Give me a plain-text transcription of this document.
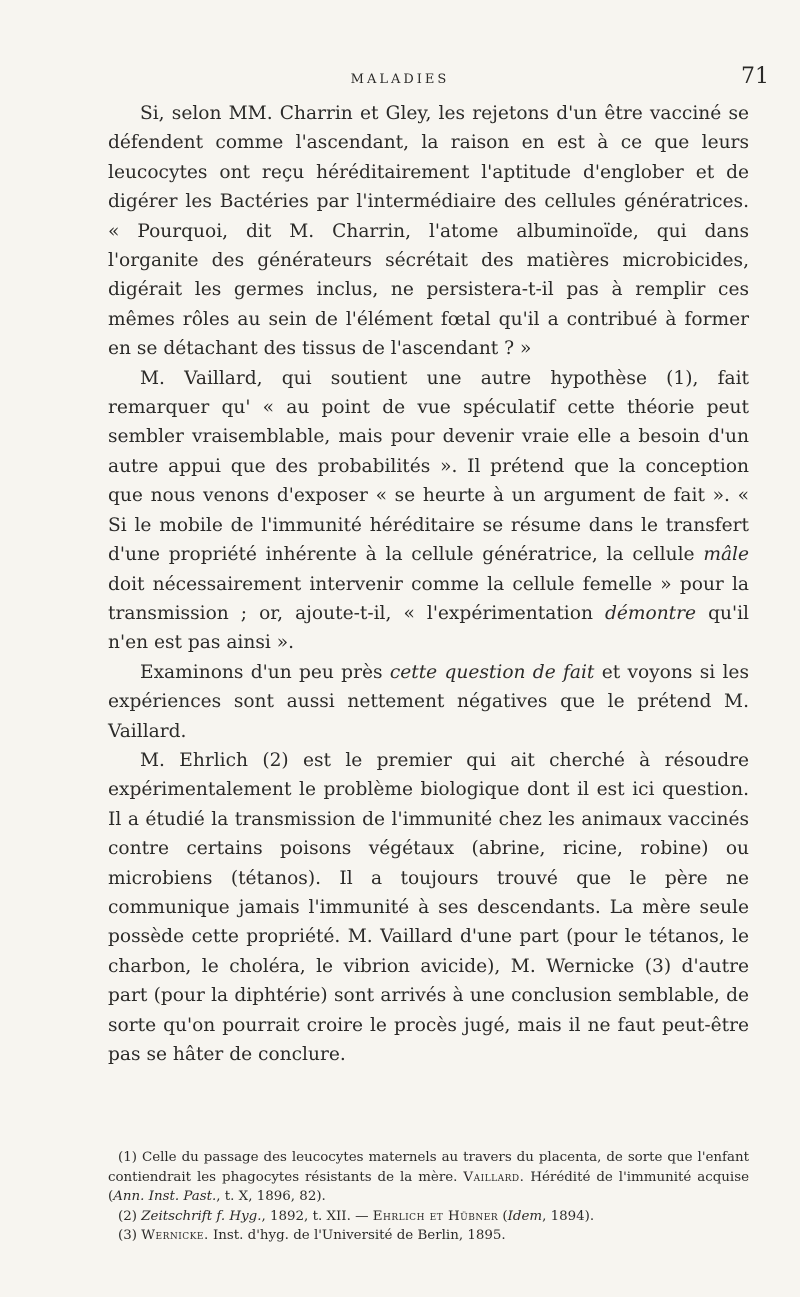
MALADIES	71

Si, selon MM. Charrin et Gley, les rejetons d'un être vacciné se défendent comme l'ascendant, la raison en est à ce que leurs leucocytes ont reçu héréditairement l'aptitude d'englober et de digérer les Bactéries par l'intermédiaire des cellules génératrices. « Pourquoi, dit M. Charrin, l'atome albuminoïde, qui dans l'organite des générateurs sécrétait des matières microbicides, digérait les germes inclus, ne persistera-t-il pas à remplir ces mêmes rôles au sein de l'élément fœtal qu'il a contribué à former en se détachant des tissus de l'ascendant ? »

M. Vaillard, qui soutient une autre hypothèse (1), fait remarquer qu' « au point de vue spéculatif cette théorie peut sembler vraisemblable, mais pour devenir vraie elle a besoin d'un autre appui que des probabilités ». Il prétend que la conception que nous venons d'exposer « se heurte à un argument de fait ». « Si le mobile de l'immunité héréditaire se résume dans le transfert d'une propriété inhérente à la cellule génératrice, la cellule mâle doit nécessairement intervenir comme la cellule femelle » pour la transmission ; or, ajoute-t-il, « l'expérimentation démontre qu'il n'en est pas ainsi ».

Examinons d'un peu près cette question de fait et voyons si les expériences sont aussi nettement négatives que le prétend M. Vaillard.

M. Ehrlich (2) est le premier qui ait cherché à résoudre expérimentalement le problème biologique dont il est ici question. Il a étudié la transmission de l'immunité chez les animaux vaccinés contre certains poisons végétaux (abrine, ricine, robine) ou microbiens (tétanos). Il a toujours trouvé que le père ne communique jamais l'immunité à ses descendants. La mère seule possède cette propriété. M. Vaillard d'une part (pour le tétanos, le charbon, le choléra, le vibrion avicide), M. Wernicke (3) d'autre part (pour la diphtérie) sont arrivés à une conclusion semblable, de sorte qu'on pourrait croire le procès jugé, mais il ne faut peut-être pas se hâter de conclure.

(1) Celle du passage des leucocytes maternels au travers du placenta, de sorte que l'enfant contiendrait les phagocytes résistants de la mère. Vaillard. Hérédité de l'immunité acquise (Ann. Inst. Past., t. X, 1896, 82).

(2) Zeitschrift f. Hyg., 1892, t. XII. — Ehrlich et Hübner (Idem, 1894).

(3) Wernicke. Inst. d'hyg. de l'Université de Berlin, 1895.
